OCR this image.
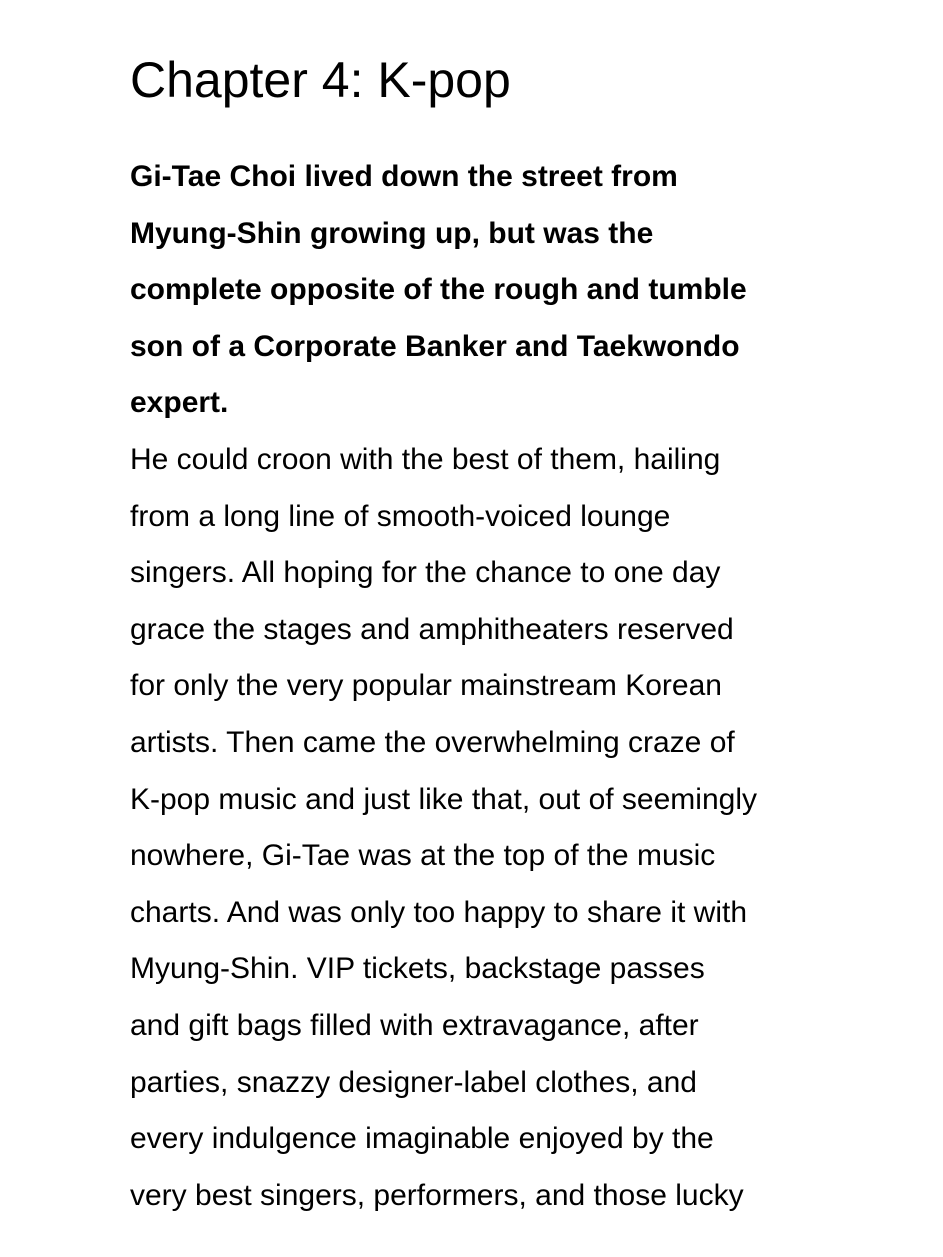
Chapter 4: K-pop
Gi-Tae Choi lived down the street from
Myung-Shin growing up, but was the
complete opposite of the rough and tumble
son of a Corporate Banker and Taekwondo
expert.
He could croon with the best of them, hailing
from a long line of smooth-voiced lounge
singers. All hoping for the chance to one day
grace the stages and amphitheaters reserved
for only the very popular mainstream Korean
artists. Then came the overwhelming craze of
K-pop music and just like that, out of seemingly
nowhere, Gi-Tae was at the top of the music
charts. And was only too happy to share it with
Myung-Shin. VIP tickets, backstage passes
and gift bags filled with extravagance, after
parties, snazzy designer-label clothes, and
every indulgence imaginable enjoyed by the
very best singers, performers, and those lucky
